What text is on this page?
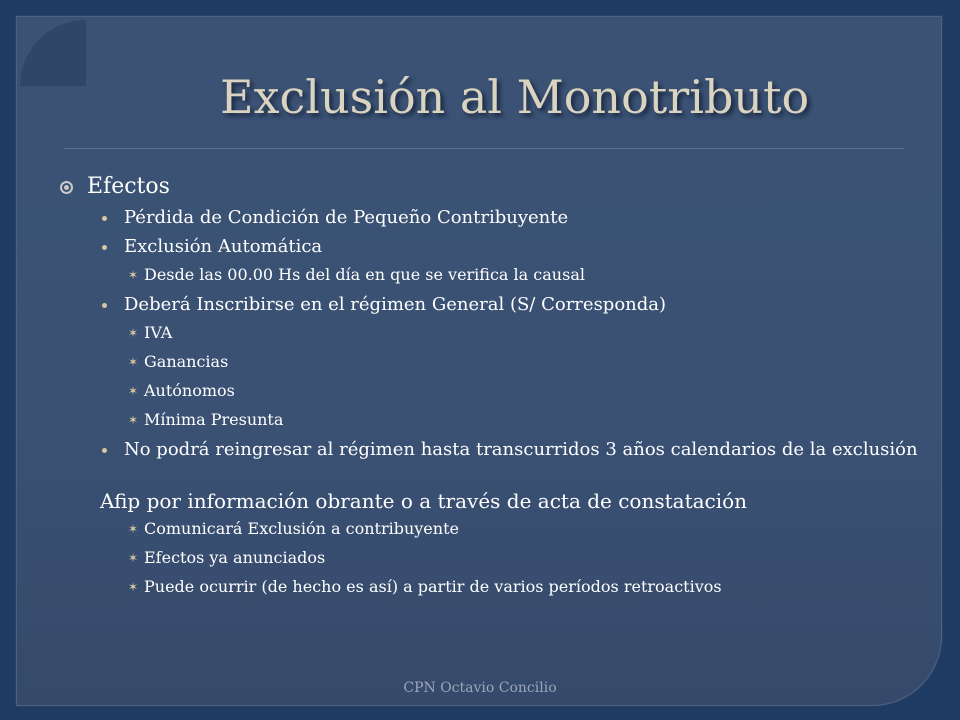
Exclusión al Monotributo
Efectos
Pérdida de Condición de Pequeño Contribuyente
Exclusión Automática
✶ Desde las 00.00 Hs del día en que se verifica la causal
Deberá Inscribirse en el régimen General (S/ Corresponda)
✶ IVA
✶ Ganancias
✶ Autónomos
✶ Mínima Presunta
No podrá reingresar al régimen hasta transcurridos 3 años calendarios de la exclusión
Afip por información obrante o a través de acta de constatación
✶ Comunicará Exclusión a contribuyente
✶ Efectos ya anunciados
✶ Puede ocurrir (de hecho es así) a partir de varios períodos retroactivos
CPN Octavio Concilio
